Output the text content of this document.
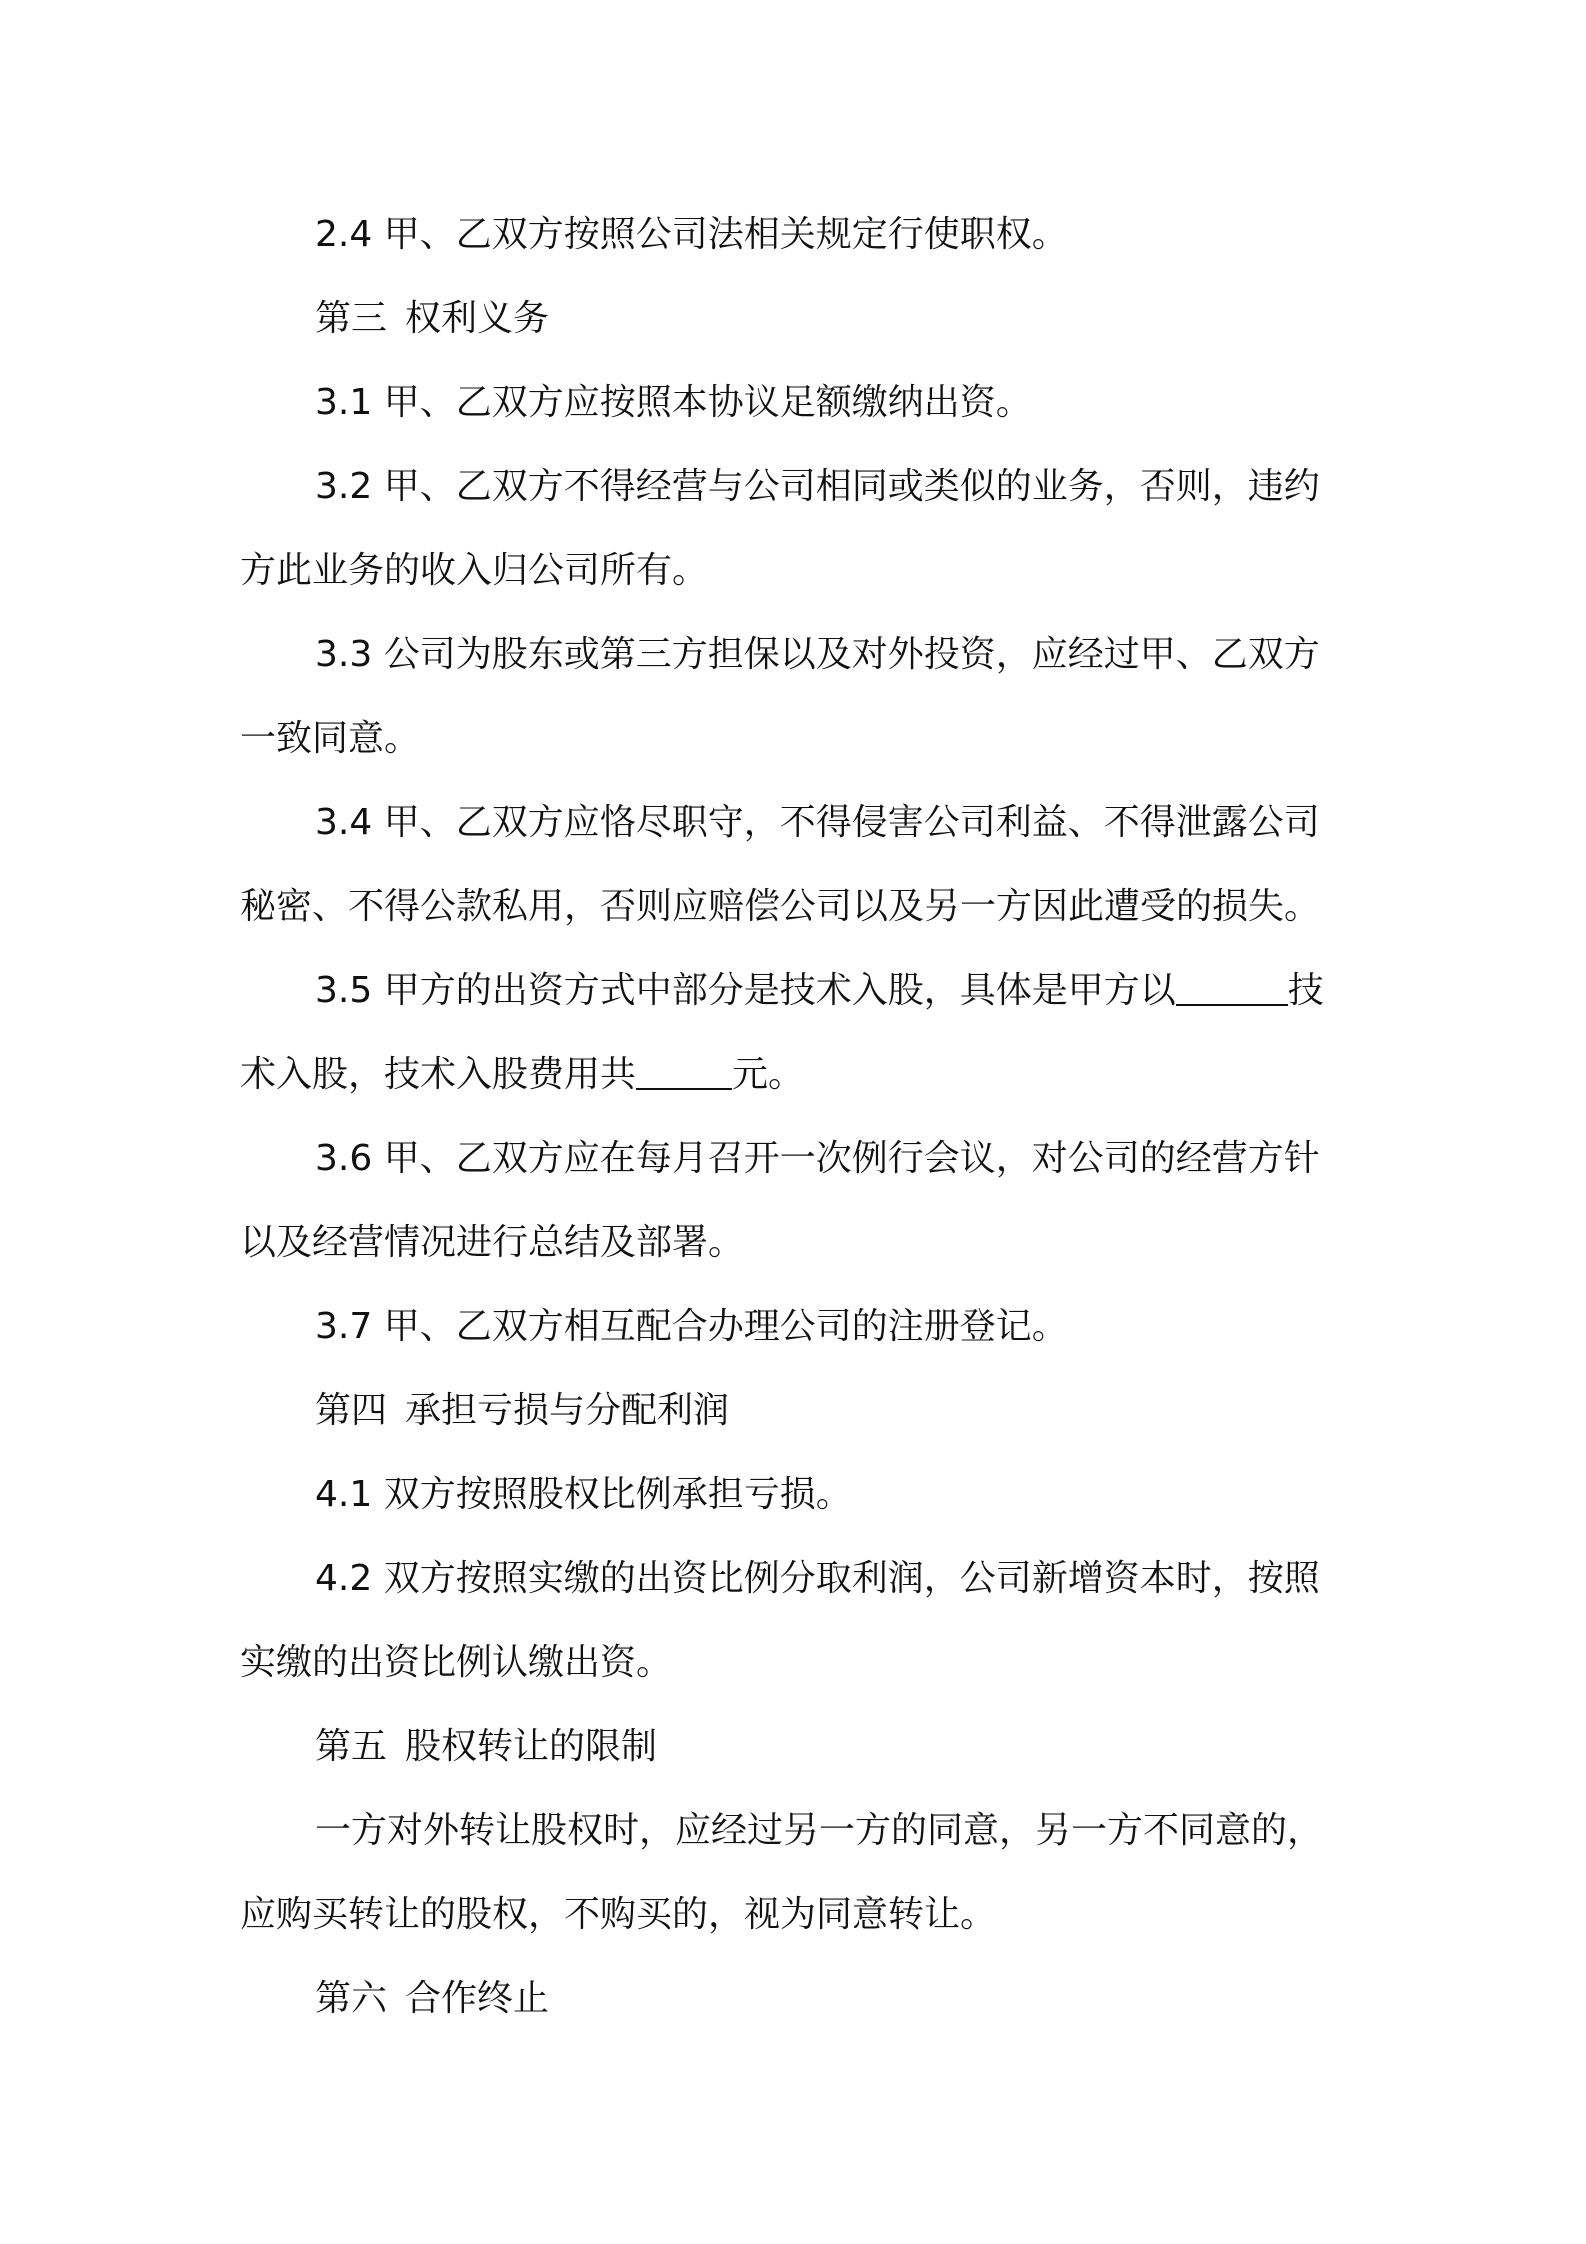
2.4 甲、乙双方按照公司法相关规定行使职权。

第三 权利义务

3.1 甲、乙双方应按照本协议足额缴纳出资。

3.2 甲、乙双方不得经营与公司相同或类似的业务，否则，违约

方此业务的收入归公司所有。

3.3 公司为股东或第三方担保以及对外投资，应经过甲、乙双方

一致同意。

3.4 甲、乙双方应恪尽职守，不得侵害公司利益、不得泄露公司

秘密、不得公款私用，否则应赔偿公司以及另一方因此遭受的损失。

3.5 甲方的出资方式中部分是技术入股，具体是甲方以	技

术入股，技术入股费用共	元。

3.6 甲、乙双方应在每月召开一次例行会议，对公司的经营方针

以及经营情况进行总结及部署。

3.7 甲、乙双方相互配合办理公司的注册登记。

第四 承担亏损与分配利润

4.1 双方按照股权比例承担亏损。

4.2 双方按照实缴的出资比例分取利润，公司新增资本时，按照

实缴的出资比例认缴出资。

第五 股权转让的限制

一方对外转让股权时，应经过另一方的同意，另一方不同意的，

应购买转让的股权，不购买的，视为同意转让。

第六 合作终止
